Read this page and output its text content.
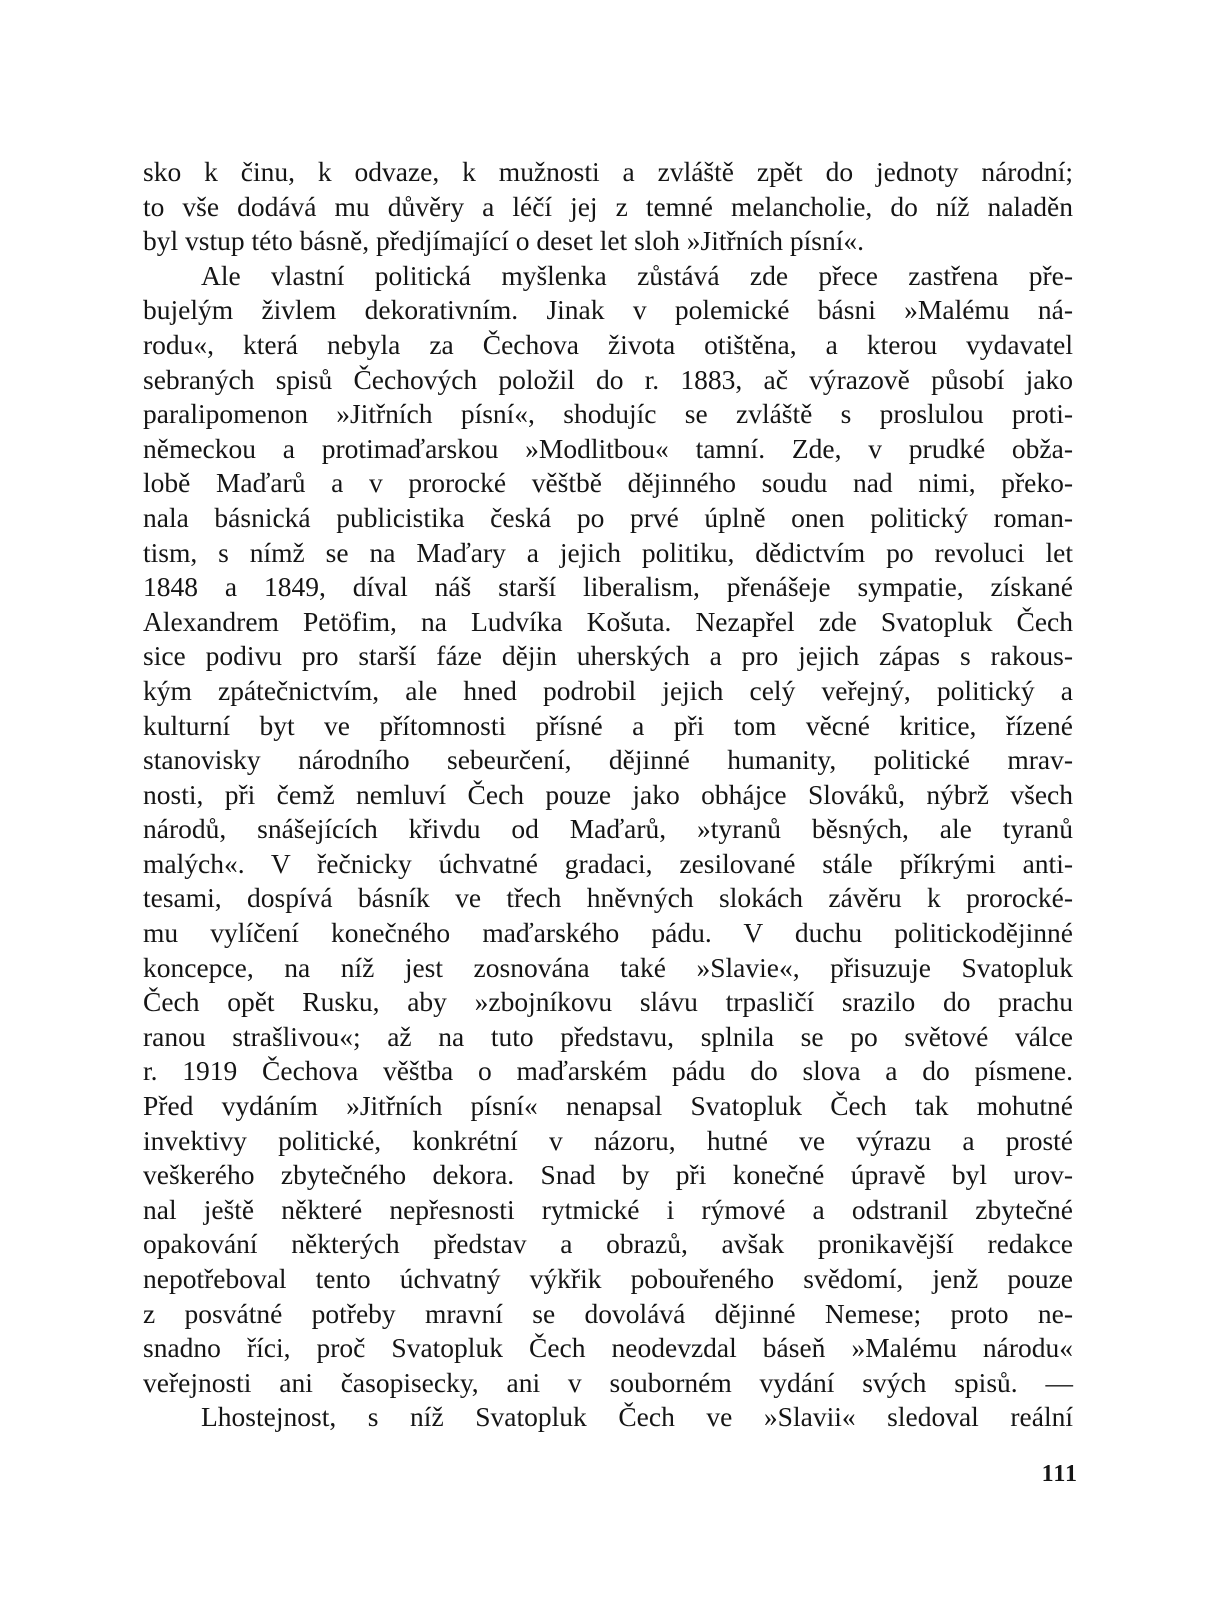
sko k činu, k odvaze, k mužnosti a zvláště zpět do jednoty národní;
to vše dodává mu důvěry a léčí jej z temné melancholie, do níž naladěn
byl vstup této básně, předjímající o deset let sloh »Jitřních písní«.
Ale vlastní politická myšlenka zůstává zde přece zastřena pře-
bujelým živlem dekorativním. Jinak v polemické básni »Malému ná-
rodu«, která nebyla za Čechova života otištěna, a kterou vydavatel
sebraných spisů Čechových položil do r. 1883, ač výrazově působí jako
paralipomenon »Jitřních písní«, shodujíc se zvláště s proslulou proti-
německou a protimaďarskou »Modlitbou« tamní. Zde, v prudké obža-
lobě Maďarů a v prorocké věštbě dějinného soudu nad nimi, překo-
nala básnická publicistika česká po prvé úplně onen politický roman-
tism, s nímž se na Maďary a jejich politiku, dědictvím po revoluci let
1848 a 1849, díval náš starší liberalism, přenášeje sympatie, získané
Alexandrem Petöfim, na Ludvíka Košuta. Nezapřel zde Svatopluk Čech
sice podivu pro starší fáze dějin uherských a pro jejich zápas s rakous-
kým zpátečnictvím, ale hned podrobil jejich celý veřejný, politický a
kulturní byt ve přítomnosti přísné a při tom věcné kritice, řízené
stanovisky národního sebeurčení, dějinné humanity, politické mrav-
nosti, při čemž nemluví Čech pouze jako obhájce Slováků, nýbrž všech
národů, snášejících křivdu od Maďarů, »tyranů běsných, ale tyranů
malých«. V řečnicky úchvatné gradaci, zesilované stále příkrými anti-
tesami, dospívá básník ve třech hněvných slokách závěru k prorocké-
mu vylíčení konečného maďarského pádu. V duchu politickodějinné
koncepce, na níž jest zosnována také »Slavie«, přisuzuje Svatopluk
Čech opět Rusku, aby »zbojníkovu slávu trpasličí srazilo do prachu
ranou strašlivou«; až na tuto představu, splnila se po světové válce
r. 1919 Čechova věštba o maďarském pádu do slova a do písmene.
Před vydáním »Jitřních písní« nenapsal Svatopluk Čech tak mohutné
invektivy politické, konkrétní v názoru, hutné ve výrazu a prosté
veškerého zbytečného dekora. Snad by při konečné úpravě byl urov-
nal ještě některé nepřesnosti rytmické i rýmové a odstranil zbytečné
opakování některých představ a obrazů, avšak pronikavější redakce
nepotřeboval tento úchvatný výkřik pobouřeného svědomí, jenž pouze
z posvátné potřeby mravní se dovolává dějinné Nemese; proto ne-
snadno říci, proč Svatopluk Čech neodevzdal báseň »Malému národu«
veřejnosti ani časopisecky, ani v souborném vydání svých spisů. —
Lhostejnost, s níž Svatopluk Čech ve »Slavii« sledoval reální
111
